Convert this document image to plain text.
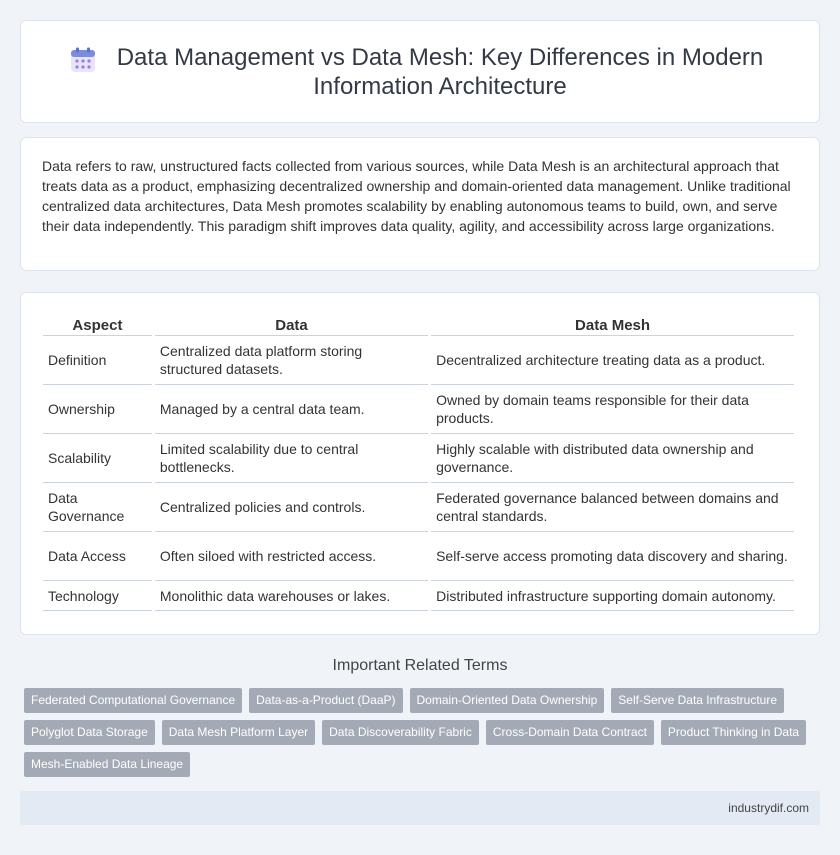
Data Management vs Data Mesh: Key Differences in Modern Information Architecture

Data refers to raw, unstructured facts collected from various sources, while Data Mesh is an architectural approach that treats data as a product, emphasizing decentralized ownership and domain-oriented data management. Unlike traditional centralized data architectures, Data Mesh promotes scalability by enabling autonomous teams to build, own, and serve their data independently. This paradigm shift improves data quality, agility, and accessibility across large organizations.

Aspect	Data	Data Mesh
Definition	Centralized data platform storing structured datasets.	Decentralized architecture treating data as a product.
Ownership	Managed by a central data team.	Owned by domain teams responsible for their data products.
Scalability	Limited scalability due to central bottlenecks.	Highly scalable with distributed data ownership and governance.
Data Governance	Centralized policies and controls.	Federated governance balanced between domains and central standards.
Data Access	Often siloed with restricted access.	Self-serve access promoting data discovery and sharing.
Technology	Monolithic data warehouses or lakes.	Distributed infrastructure supporting domain autonomy.
Important Related Terms
Federated Computational Governance	Data-as-a-Product (DaaP)	Domain-Oriented Data Ownership	Self-Serve Data Infrastructure
Polyglot Data Storage	Data Mesh Platform Layer	Data Discoverability Fabric	Cross-Domain Data Contract	Product Thinking in Data
Mesh-Enabled Data Lineage
industrydif.com
